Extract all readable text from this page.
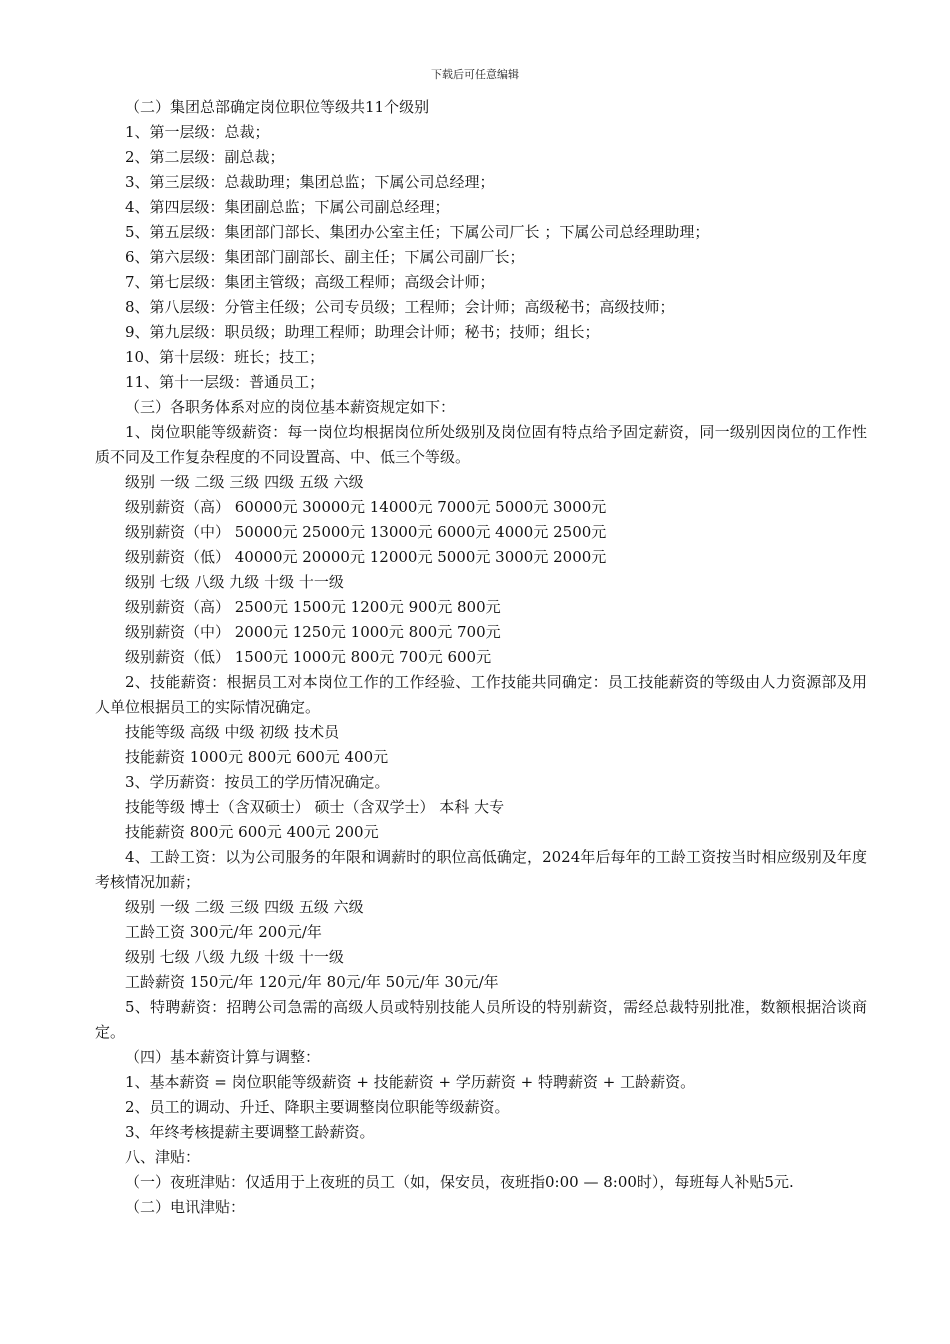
下载后可任意编辑
（二）集团总部确定岗位职位等级共11个级别
1、第一层级：总裁；
2、第二层级：副总裁；
3、第三层级：总裁助理；集团总监；下属公司总经理；
4、第四层级：集团副总监；下属公司副总经理；
5、第五层级：集团部门部长、集团办公室主任；下属公司厂长 ；下属公司总经理助理；
6、第六层级：集团部门副部长、副主任；下属公司副厂长；
7、第七层级：集团主管级；高级工程师；高级会计师；
8、第八层级：分管主任级；公司专员级；工程师；会计师；高级秘书；高级技师；
9、第九层级：职员级；助理工程师；助理会计师；秘书；技师；组长；
10、第十层级：班长；技工；
11、第十一层级：普通员工；
（三）各职务体系对应的岗位基本薪资规定如下：
1、岗位职能等级薪资：每一岗位均根据岗位所处级别及岗位固有特点给予固定薪资，同一级别因岗位的工作性质不同及工作复杂程度的不同设置高、中、低三个等级。
级别 一级 二级 三级 四级 五级 六级
级别薪资（高） 60000元 30000元 14000元 7000元 5000元 3000元
级别薪资（中） 50000元 25000元 13000元 6000元 4000元 2500元
级别薪资（低） 40000元 20000元 12000元 5000元 3000元 2000元
级别 七级 八级 九级 十级 十一级
级别薪资（高） 2500元 1500元 1200元 900元 800元
级别薪资（中） 2000元 1250元 1000元 800元 700元
级别薪资（低） 1500元 1000元 800元 700元 600元
2、技能薪资：根据员工对本岗位工作的工作经验、工作技能共同确定：员工技能薪资的等级由人力资源部及用人单位根据员工的实际情况确定。
技能等级 高级 中级 初级 技术员
技能薪资 1000元 800元 600元 400元
3、学历薪资：按员工的学历情况确定。
技能等级 博士（含双硕士） 硕士（含双学士） 本科 大专
技能薪资 800元 600元 400元 200元
4、工龄工资：以为公司服务的年限和调薪时的职位高低确定，2024年后每年的工龄工资按当时相应级别及年度考核情况加薪；
级别 一级 二级 三级 四级 五级 六级
工龄工资 300元/年 200元/年
级别 七级 八级 九级 十级 十一级
工龄薪资 150元/年 120元/年 80元/年 50元/年 30元/年
5、特聘薪资：招聘公司急需的高级人员或特别技能人员所设的特别薪资，需经总裁特别批准，数额根据洽谈商定。
（四）基本薪资计算与调整：
1、基本薪资 = 岗位职能等级薪资 + 技能薪资 + 学历薪资 + 特聘薪资 + 工龄薪资。
2、员工的调动、升迁、降职主要调整岗位职能等级薪资。
3、年终考核提薪主要调整工龄薪资。
八、津贴：
（一）夜班津贴：仅适用于上夜班的员工（如，保安员，夜班指0:00 — 8:00时），每班每人补贴5元.
（二）电讯津贴：
